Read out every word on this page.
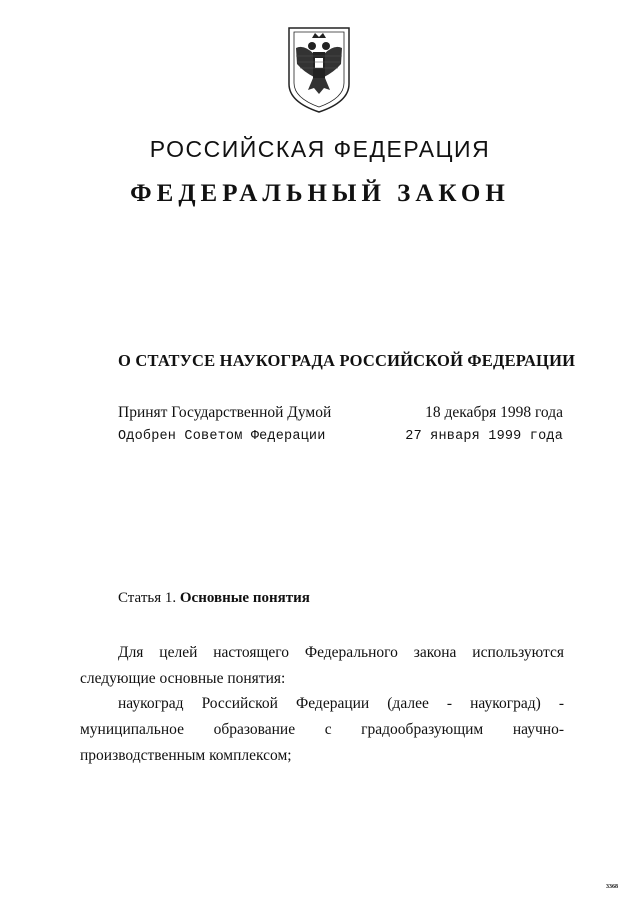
РОССИЙСКАЯ ФЕДЕРАЦИЯ
ФЕДЕРАЛЬНЫЙ ЗАКОН
О СТАТУСЕ НАУКОГРАДА РОССИЙСКОЙ ФЕДЕРАЦИИ
Принят Государственной Думой	18 декабря 1998 года
Одобрен Советом Федерации	27 января 1999 года
Статья 1. Основные понятия
Для целей настоящего Федерального закона используются
следующие основные понятия:
наукоград Российской Федерации (далее - наукоград) -
муниципальное образование с градообразующим научно-
производственным комплексом;
3368
